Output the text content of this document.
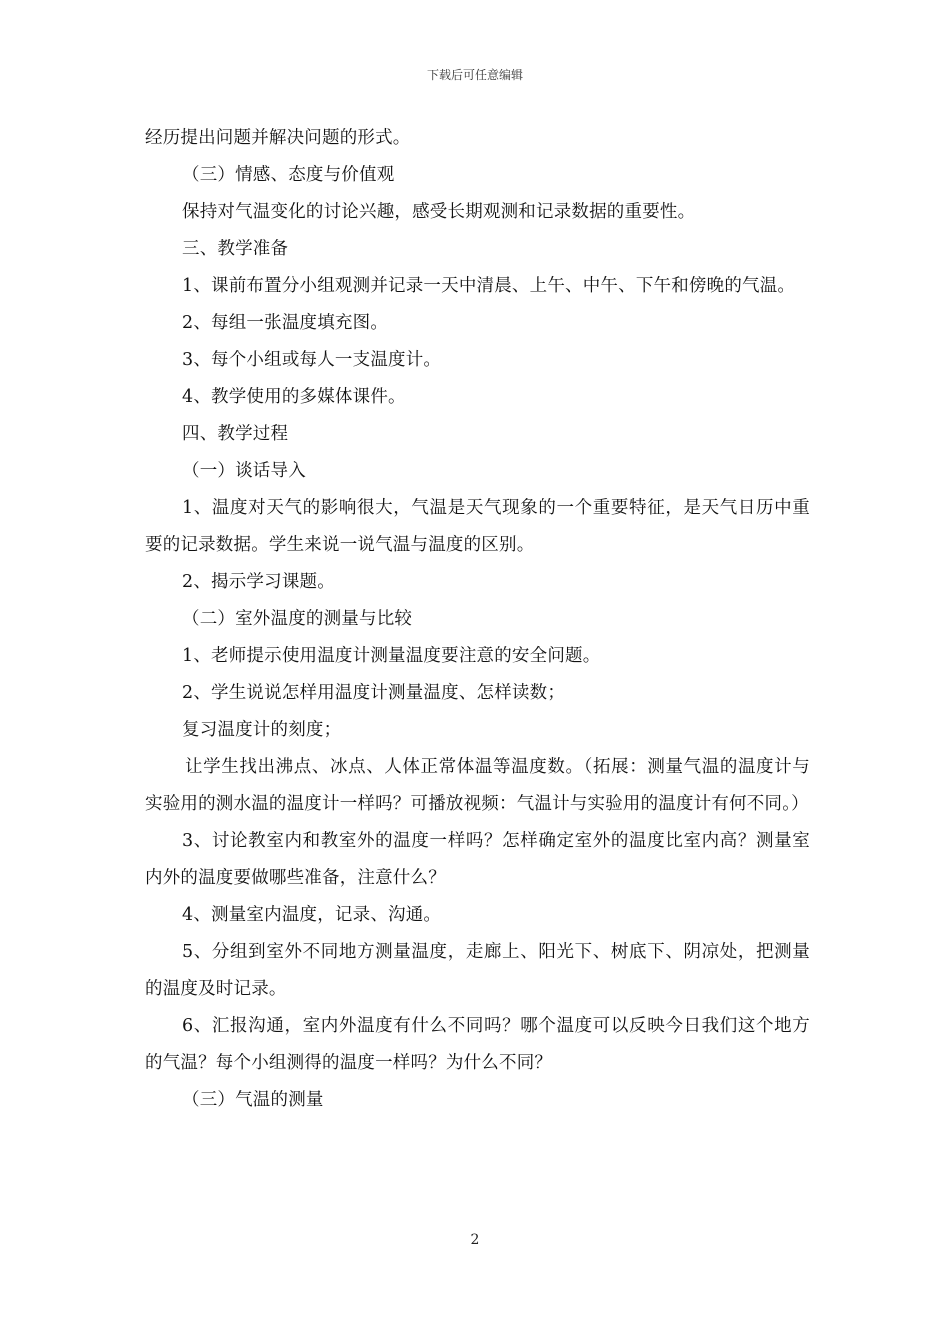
下载后可任意编辑

经历提出问题并解决问题的形式。

（三）情感、态度与价值观

保持对气温变化的讨论兴趣，感受长期观测和记录数据的重要性。

三、教学准备

1、课前布置分小组观测并记录一天中清晨、上午、中午、下午和傍晚的气温。

2、每组一张温度填充图。

3、每个小组或每人一支温度计。

4、教学使用的多媒体课件。

四、教学过程

（一）谈话导入

1、温度对天气的影响很大，气温是天气现象的一个重要特征，是天气日历中重要的记录数据。学生来说一说气温与温度的区别。

2、揭示学习课题。

（二）室外温度的测量与比较

1、老师提示使用温度计测量温度要注意的安全问题。

2、学生说说怎样用温度计测量温度、怎样读数；

复习温度计的刻度；

让学生找出沸点、冰点、人体正常体温等温度数。（拓展：测量气温的温度计与实验用的测水温的温度计一样吗？可播放视频：气温计与实验用的温度计有何不同。）

3、讨论教室内和教室外的温度一样吗？怎样确定室外的温度比室内高？测量室内外的温度要做哪些准备，注意什么？

4、测量室内温度，记录、沟通。

5、分组到室外不同地方测量温度，走廊上、阳光下、树底下、阴凉处，把测量的温度及时记录。

6、汇报沟通，室内外温度有什么不同吗？哪个温度可以反映今日我们这个地方的气温？每个小组测得的温度一样吗？为什么不同？

（三）气温的测量

2
